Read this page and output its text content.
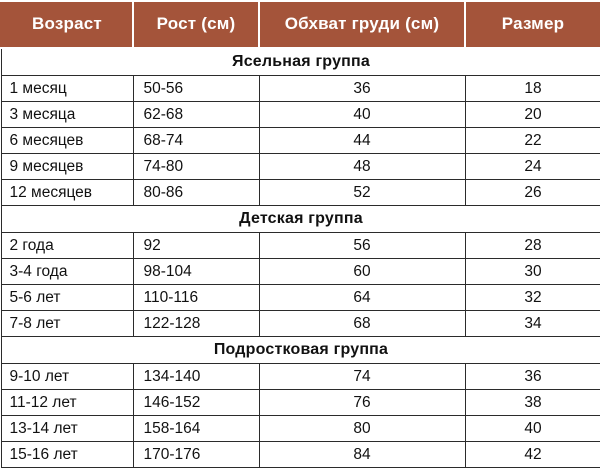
Возраст	Рост (см)	Обхват груди (см)	Размер
Ясельная группа			
1 месяц	50-56	36	18
3 месяца	62-68	40	20
6 месяцев	68-74	44	22
9 месяцев	74-80	48	24
12 месяцев	80-86	52	26
Детская группа			
2 года	92	56	28
3-4 года	98-104	60	30
5-6 лет	110-116	64	32
7-8 лет	122-128	68	34
Подростковая группа			
9-10 лет	134-140	74	36
11-12 лет	146-152	76	38
13-14 лет	158-164	80	40
15-16 лет	170-176	84	42
